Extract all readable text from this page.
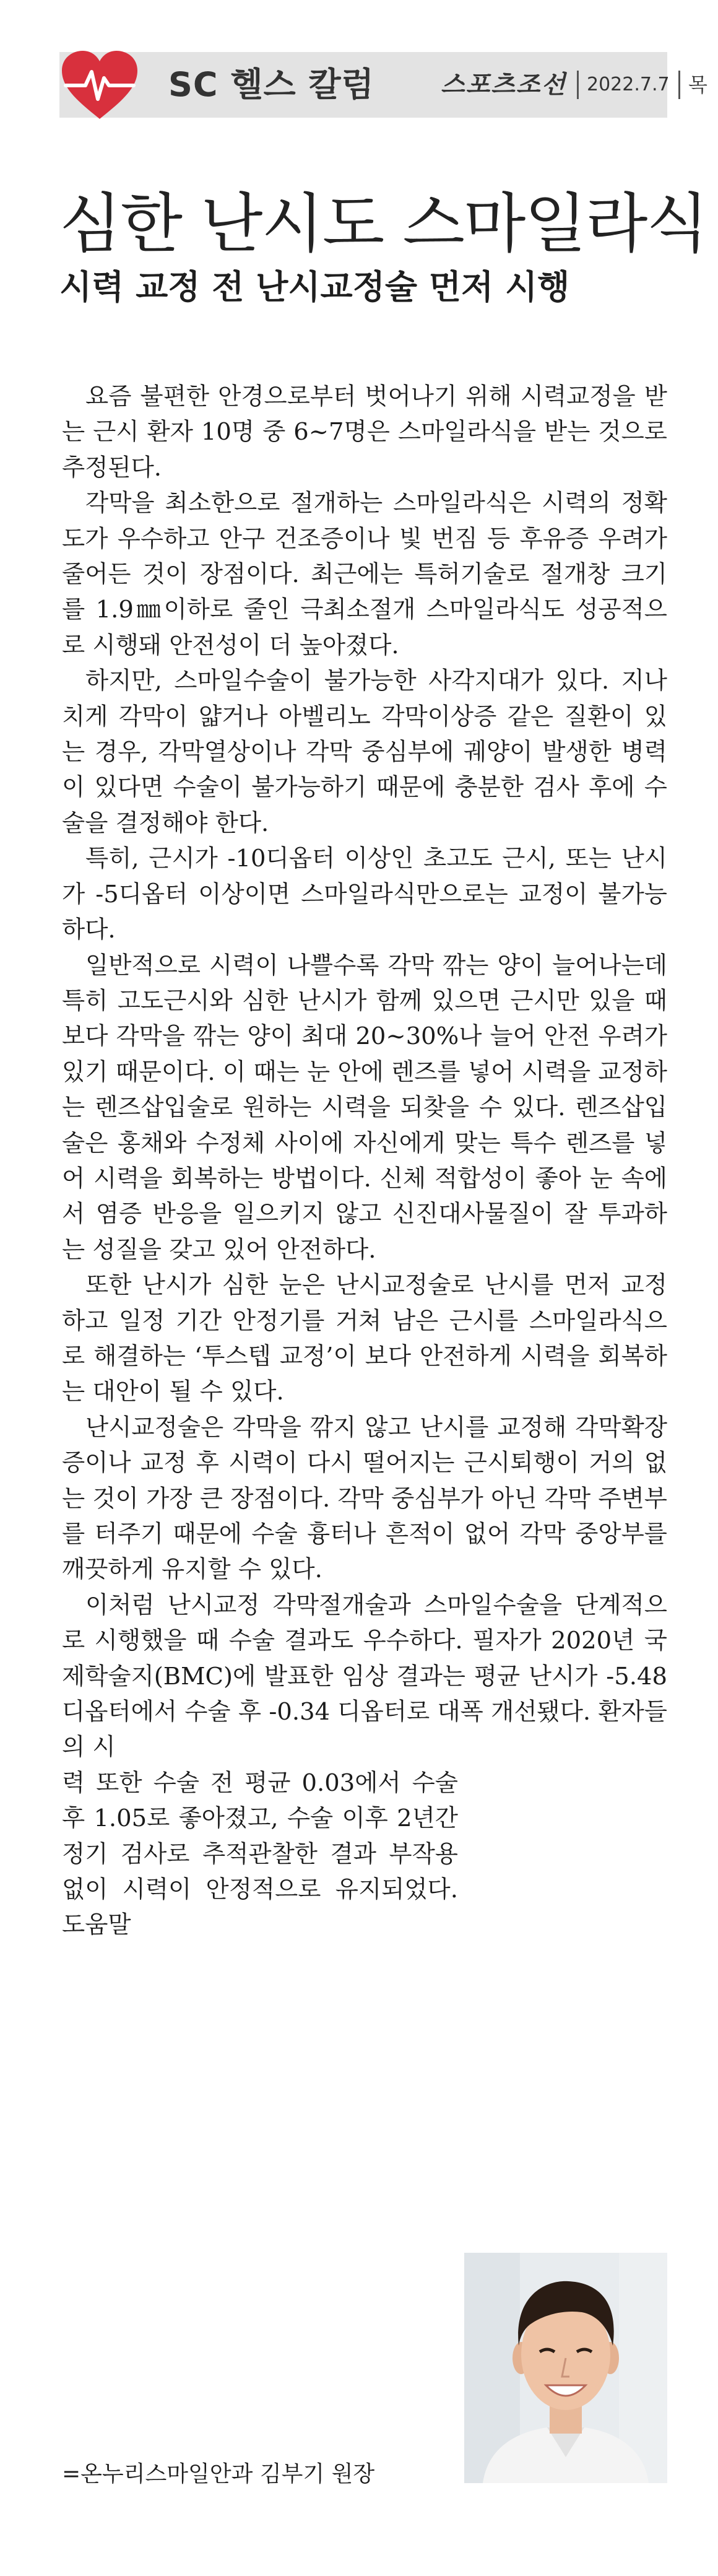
SC 헬스 칼럼	스포츠조선 2022.7.7 목
심한 난시도 스마일라식
시력 교정 전 난시교정술 먼저 시행

요즘 불편한 안경으로부터 벗어나기 위해 시력교정을 받는 근시 환자 10명 중 6~7명은 스마일라식을 받는 것으로 추정된다.

각막을 최소한으로 절개하는 스마일라식은 시력의 정확도가 우수하고 안구 건조증이나 빛 번짐 등 후유증 우려가 줄어든 것이 장점이다. 최근에는 특허기술로 절개창 크기를 1.9㎜이하로 줄인 극최소절개 스마일라식도 성공적으로 시행돼 안전성이 더 높아졌다.

하지만, 스마일수술이 불가능한 사각지대가 있다. 지나치게 각막이 얇거나 아벨리노 각막이상증 같은 질환이 있는 경우, 각막열상이나 각막 중심부에 궤양이 발생한 병력이 있다면 수술이 불가능하기 때문에 충분한 검사 후에 수술을 결정해야 한다.

특히, 근시가 -10디옵터 이상인 초고도 근시, 또는 난시가 -5디옵터 이상이면 스마일라식만으로는 교정이 불가능하다.

일반적으로 시력이 나쁠수록 각막 깎는 양이 늘어나는데 특히 고도근시와 심한 난시가 함께 있으면 근시만 있을 때보다 각막을 깎는 양이 최대 20~30%나 늘어 안전 우려가 있기 때문이다. 이 때는 눈 안에 렌즈를 넣어 시력을 교정하는 렌즈삽입술로 원하는 시력을 되찾을 수 있다. 렌즈삽입술은 홍채와 수정체 사이에 자신에게 맞는 특수 렌즈를 넣어 시력을 회복하는 방법이다. 신체 적합성이 좋아 눈 속에서 염증 반응을 일으키지 않고 신진대사물질이 잘 투과하는 성질을 갖고 있어 안전하다.

또한 난시가 심한 눈은 난시교정술로 난시를 먼저 교정하고 일정 기간 안정기를 거쳐 남은 근시를 스마일라식으로 해결하는 ‘투스텝 교정’이 보다 안전하게 시력을 회복하는 대안이 될 수 있다.

난시교정술은 각막을 깎지 않고 난시를 교정해 각막확장증이나 교정 후 시력이 다시 떨어지는 근시퇴행이 거의 없는 것이 가장 큰 장점이다. 각막 중심부가 아닌 각막 주변부를 터주기 때문에 수술 흉터나 흔적이 없어 각막 중앙부를 깨끗하게 유지할 수 있다.

이처럼 난시교정 각막절개술과 스마일수술을 단계적으로 시행했을 때 수술 결과도 우수하다. 필자가 2020년 국제학술지(BMC)에 발표한 임상 결과는 평균 난시가 -5.48디옵터에서 수술 후 -0.34 디옵터로 대폭 개선됐다. 환자들의 시

력 또한 수술 전 평균 0.03에서 수술 후 1.05로 좋아졌고, 수술 이후 2년간 정기 검사로 추적관찰한 결과 부작용 없이 시력이 안정적으로 유지되었다. 도움말

=온누리스마일안과 김부기 원장
